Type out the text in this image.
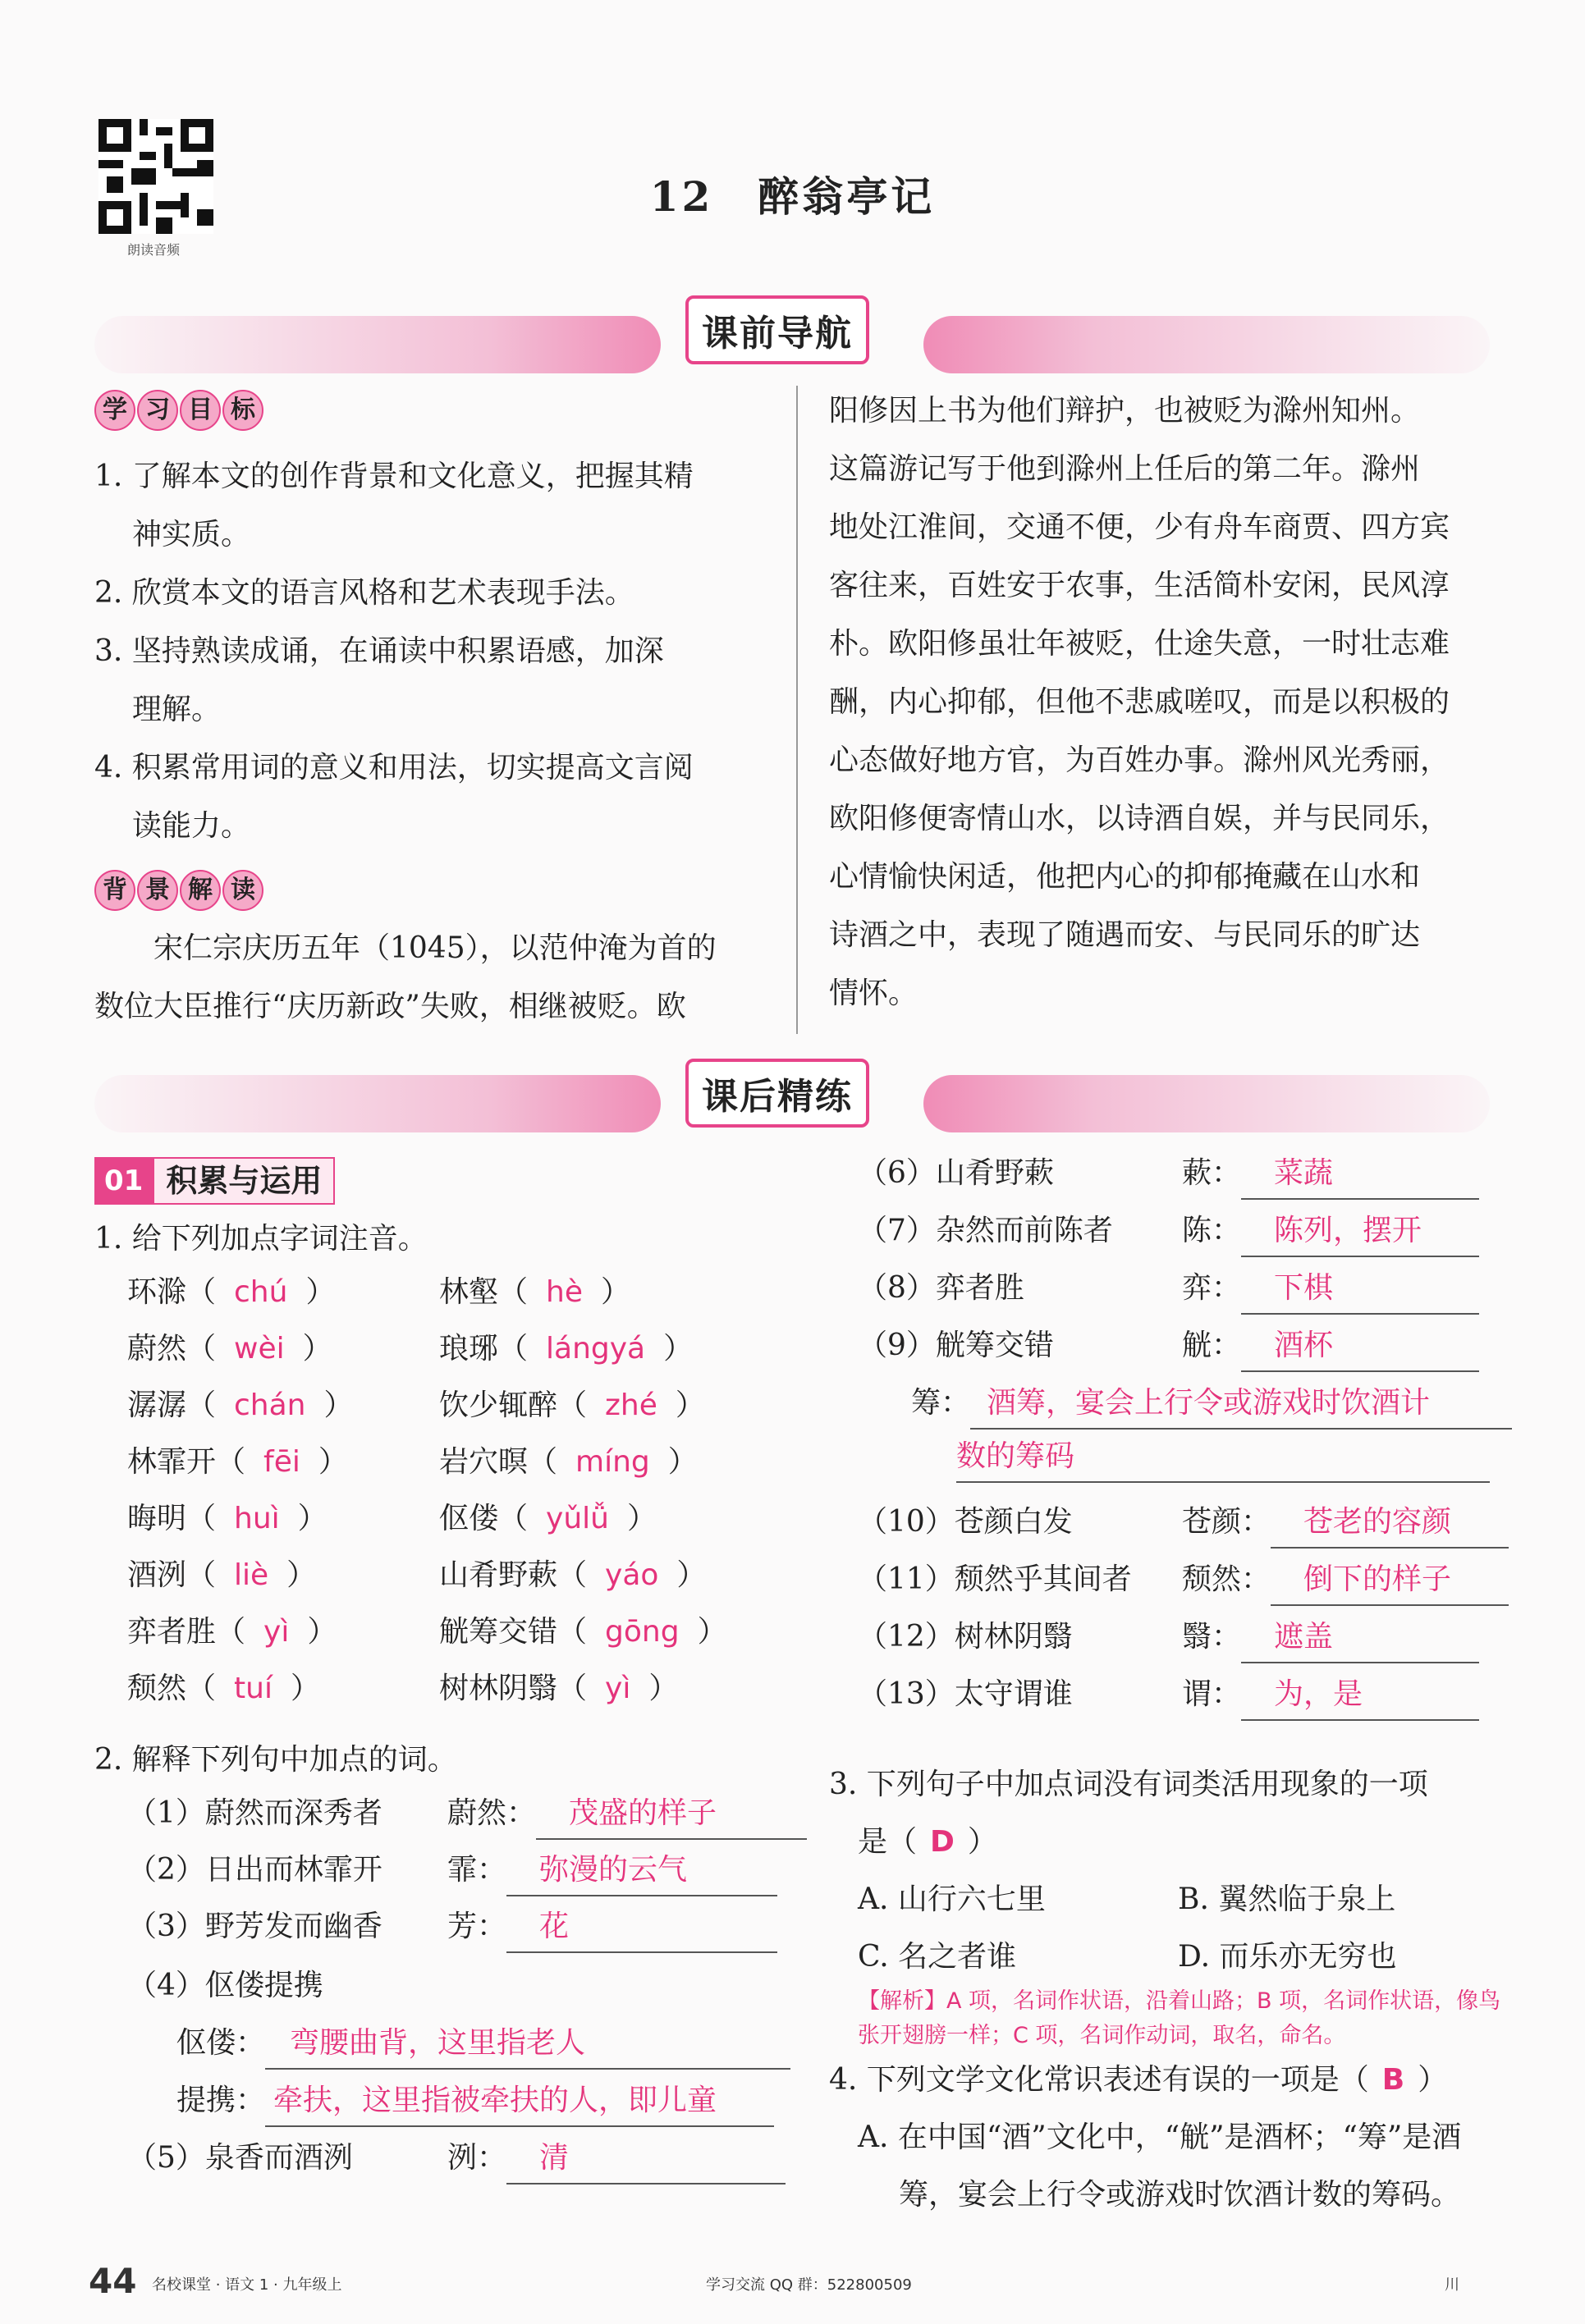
朗读音频
12　醉翁亭记
课前导航
学 习 目 标
1. 了解本文的创作背景和文化意义，把握其精
神实质。
2. 欣赏本文的语言风格和艺术表现手法。
3. 坚持熟读成诵，在诵读中积累语感，加深
理解。
4. 积累常用词的意义和用法，切实提高文言阅
读能力。
背 景 解 读
　　宋仁宗庆历五年（1045），以范仲淹为首的
数位大臣推行“庆历新政”失败，相继被贬。欧
阳修因上书为他们辩护，也被贬为滁州知州。
这篇游记写于他到滁州上任后的第二年。滁州
地处江淮间，交通不便，少有舟车商贾、四方宾
客往来，百姓安于农事，生活简朴安闲，民风淳
朴。欧阳修虽壮年被贬，仕途失意，一时壮志难
酬，内心抑郁，但他不悲戚嗟叹，而是以积极的
心态做好地方官，为百姓办事。滁州风光秀丽，
欧阳修便寄情山水，以诗酒自娱，并与民同乐，
心情愉快闲适，他把内心的抑郁掩藏在山水和
诗酒之中，表现了随遇而安、与民同乐的旷达
情怀。
课后精练
01 积累与运用
1. 给下列加点字词注音。
环滁（ chú ）	林壑（ hè ）
蔚然（ wèi ）	琅琊（ lángyá ）
潺潺（ chán ）	饮少辄醉（ zhé ）
林霏开（ fēi ）	岩穴暝（ míng ）
晦明（ huì ）	伛偻（ yǔlǚ ）
酒洌（ liè ）	山肴野蔌（ yáo ）
弈者胜（ yì ）	觥筹交错（ gōng ）
颓然（ tuí ）	树林阴翳（ yì ）
2. 解释下列句中加点的词。
（1）蔚然而深秀者 蔚然： 茂盛的样子
（2）日出而林霏开 霏： 弥漫的云气
（3）野芳发而幽香 芳： 花
（4）伛偻提携
伛偻： 弯腰曲背，这里指老人
提携： 牵扶，这里指被牵扶的人，即儿童
（5）泉香而酒洌	洌： 清
（6）山肴野蔌	蔌： 菜蔬
（7）杂然而前陈者 陈： 陈列，摆开
（8）弈者胜	弈： 下棋
（9）觥筹交错	觥： 酒杯
筹： 酒筹，宴会上行令或游戏时饮酒计
数的筹码
（10）苍颜白发	苍颜： 苍老的容颜
（11）颓然乎其间者 颓然： 倒下的样子
（12）树林阴翳	翳： 遮盖
（13）太守谓谁	谓： 为，是
3. 下列句子中加点词没有词类活用现象的一项
是（ D ）
A. 山行六七里	B. 翼然临于泉上
C. 名之者谁	D. 而乐亦无穷也
【解析】A 项，名词作状语，沿着山路；B 项，名词作状语，像鸟
张开翅膀一样；C 项，名词作动词，取名，命名。
4. 下列文学文化常识表述有误的一项是（ B ）
A. 在中国“酒”文化中，“觥”是酒杯；“筹”是酒
筹，宴会上行令或游戏时饮酒计数的筹码。
44 名校课堂 · 语文 1 · 九年级上	学习交流 QQ 群：522800509	川
